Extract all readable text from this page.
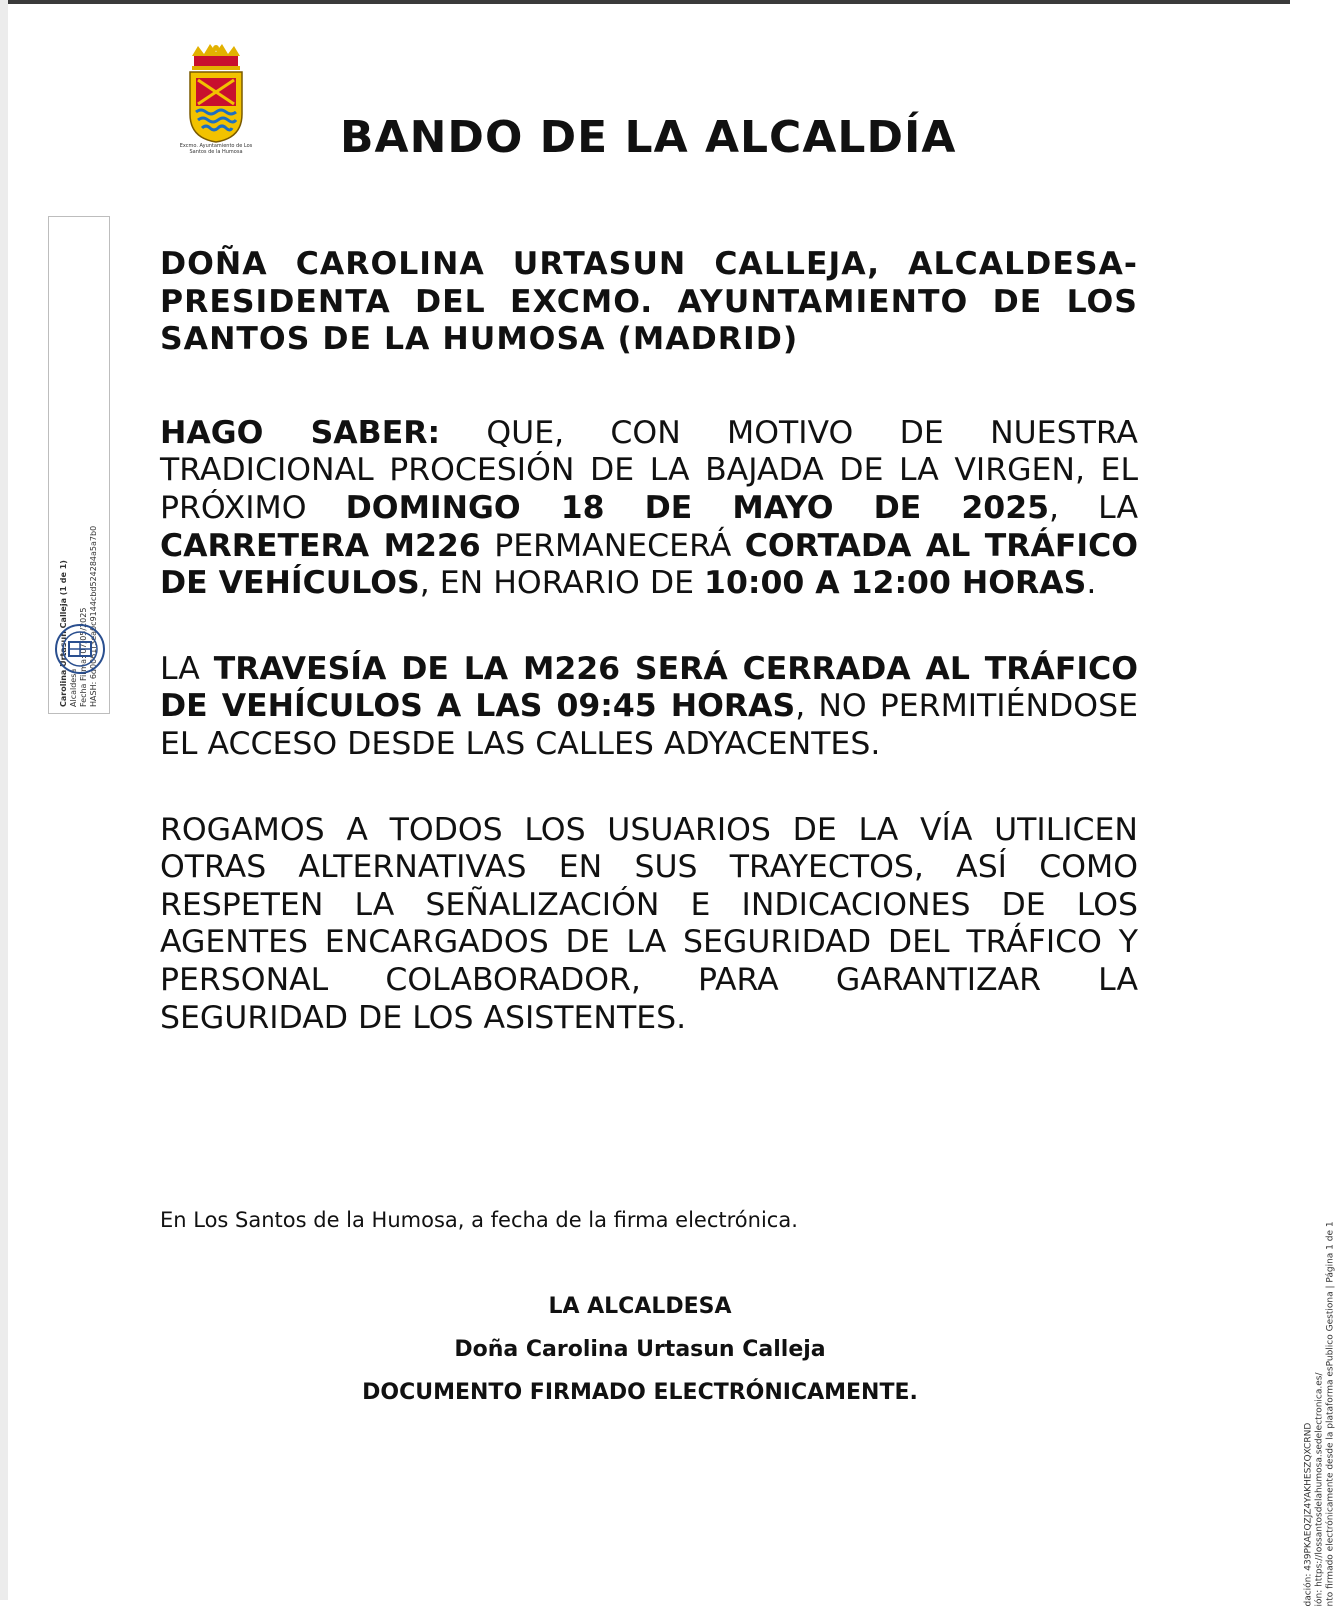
Excmo. Ayuntamiento de Los Santos de la Humosa	BANDO DE LA ALCALDÍA
Carolina Urtasun Calleja (1 de 1) Alcaldesa Fecha Firma: 07/05/2025 HASH: 6d0061f3ea0c9144cbd524284a5a7b0

DOÑA CAROLINA URTASUN CALLEJA, ALCALDESA-PRESIDENTA DEL EXCMO. AYUNTAMIENTO DE LOS SANTOS DE LA HUMOSA (MADRID)

HAGO SABER: QUE, CON MOTIVO DE NUESTRA TRADICIONAL PROCESIÓN DE LA BAJADA DE LA VIRGEN, EL PRÓXIMO DOMINGO 18 DE MAYO DE 2025, LA CARRETERA M226 PERMANECERÁ CORTADA AL TRÁFICO DE VEHÍCULOS, EN HORARIO DE 10:00 A 12:00 HORAS.

LA TRAVESÍA DE LA M226 SERÁ CERRADA AL TRÁFICO DE VEHÍCULOS A LAS 09:45 HORAS, NO PERMITIÉNDOSE EL ACCESO DESDE LAS CALLES ADYACENTES.

ROGAMOS A TODOS LOS USUARIOS DE LA VÍA UTILICEN OTRAS ALTERNATIVAS EN SUS TRAYECTOS, ASÍ COMO RESPETEN LA SEÑALIZACIÓN E INDICACIONES DE LOS AGENTES ENCARGADOS DE LA SEGURIDAD DEL TRÁFICO Y PERSONAL COLABORADOR, PARA GARANTIZAR LA SEGURIDAD DE LOS ASISTENTES.

En Los Santos de la Humosa, a fecha de la firma electrónica.
LA ALCALDESA
Doña Carolina Urtasun Calleja
DOCUMENTO FIRMADO ELECTRÓNICAMENTE.
dación: 439PKAEQZJZ4YAKHESZQXCRND ión: https://lossantosdelahumosa.sedelectronica.es/ nto firmado electrónicamente desde la plataforma esPublico Gestiona | Página 1 de 1
